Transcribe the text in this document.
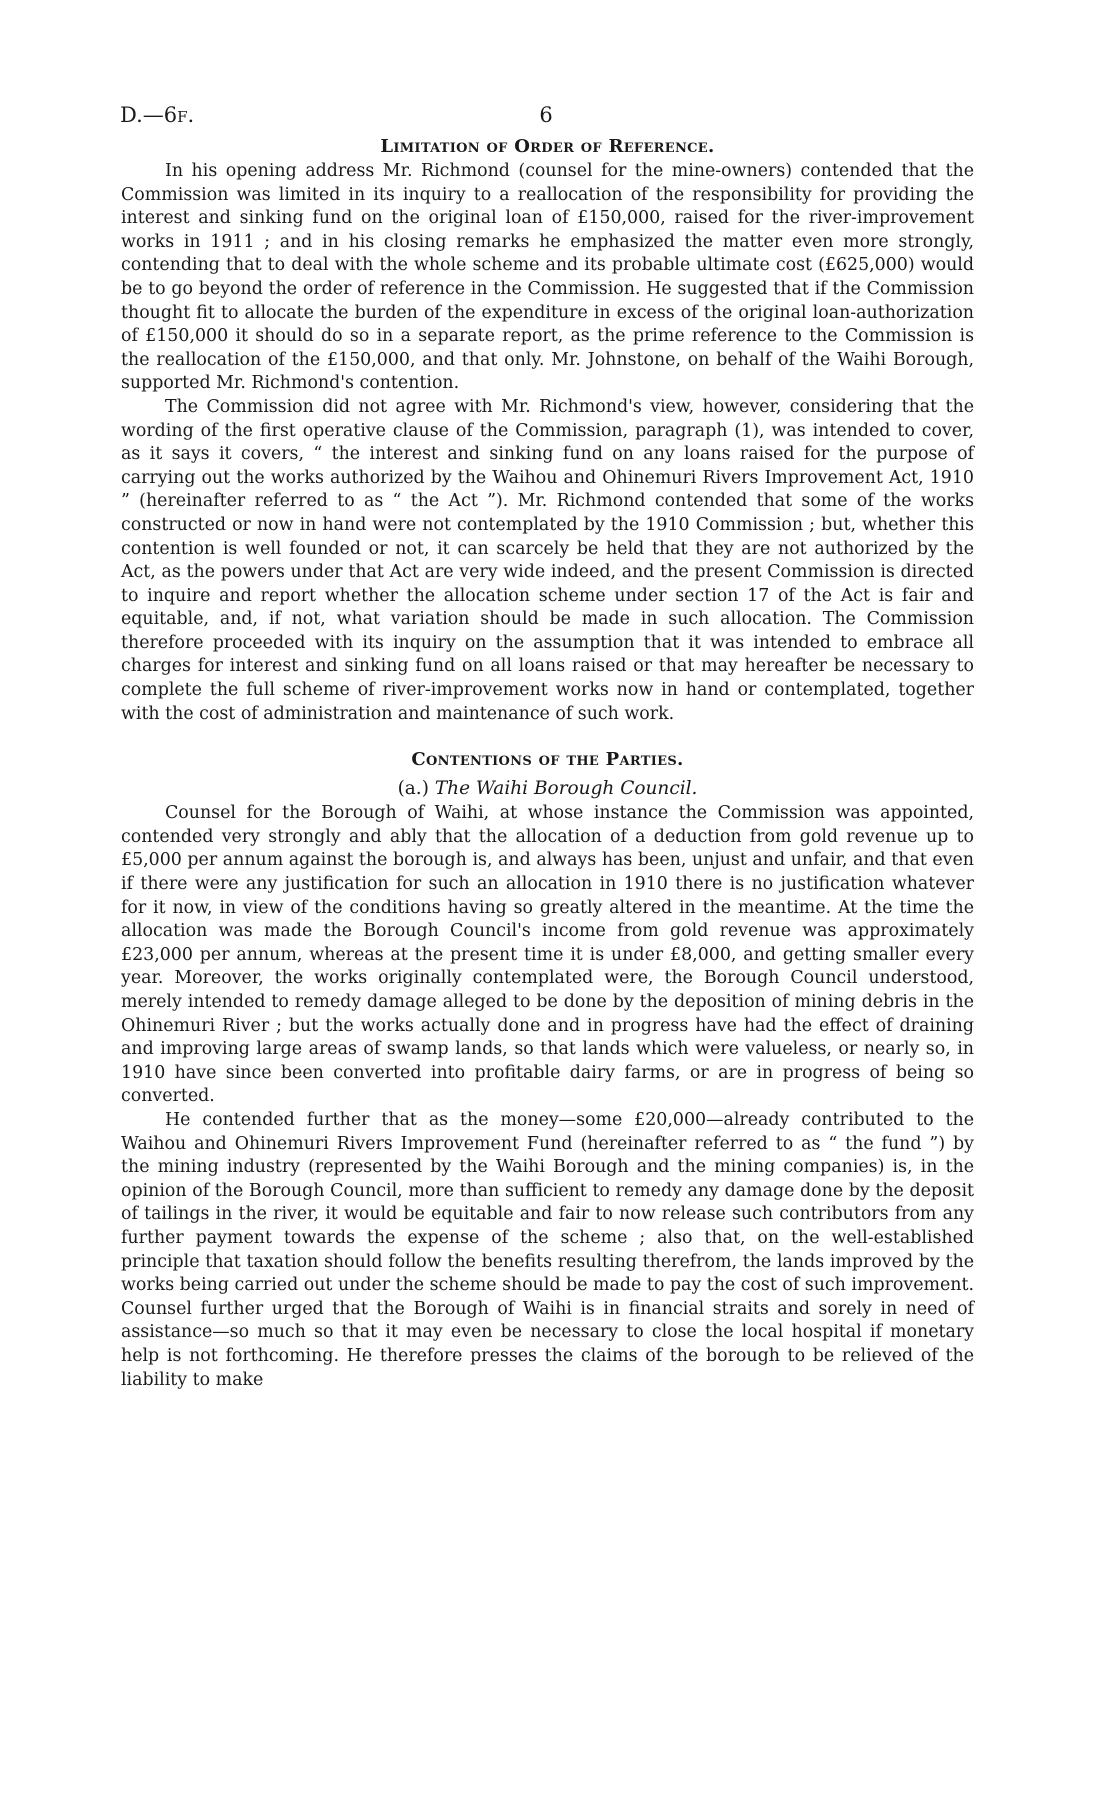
D.—6f.	6
Limitation of Order of Reference.

In his opening address Mr. Richmond (counsel for the mine-owners) contended that the Commission was limited in its inquiry to a reallocation of the responsibility for providing the interest and sinking fund on the original loan of £150,000, raised for the river-improvement works in 1911 ; and in his closing remarks he emphasized the matter even more strongly, contending that to deal with the whole scheme and its probable ultimate cost (£625,000) would be to go beyond the order of reference in the Commission. He suggested that if the Commission thought fit to allocate the burden of the expenditure in excess of the original loan-authorization of £150,000 it should do so in a separate report, as the prime reference to the Commission is the reallocation of the £150,000, and that only. Mr. Johnstone, on behalf of the Waihi Borough, supported Mr. Richmond's contention.

The Commission did not agree with Mr. Richmond's view, however, considering that the wording of the first operative clause of the Commission, paragraph (1), was intended to cover, as it says it covers, “ the interest and sinking fund on any loans raised for the purpose of carrying out the works authorized by the Waihou and Ohinemuri Rivers Improvement Act, 1910 ” (hereinafter referred to as “ the Act ”). Mr. Richmond contended that some of the works constructed or now in hand were not contemplated by the 1910 Commission ; but, whether this contention is well founded or not, it can scarcely be held that they are not authorized by the Act, as the powers under that Act are very wide indeed, and the present Commission is directed to inquire and report whether the allocation scheme under section 17 of the Act is fair and equitable, and, if not, what variation should be made in such allocation. The Commission therefore proceeded with its inquiry on the assumption that it was intended to embrace all charges for interest and sinking fund on all loans raised or that may hereafter be necessary to complete the full scheme of river-improvement works now in hand or contemplated, together with the cost of administration and maintenance of such work.

Contentions of the Parties.
(a.) The Waihi Borough Council.

Counsel for the Borough of Waihi, at whose instance the Commission was appointed, contended very strongly and ably that the allocation of a deduction from gold revenue up to £5,000 per annum against the borough is, and always has been, unjust and unfair, and that even if there were any justification for such an allocation in 1910 there is no justification whatever for it now, in view of the conditions having so greatly altered in the meantime. At the time the allocation was made the Borough Council's income from gold revenue was approximately £23,000 per annum, whereas at the present time it is under £8,000, and getting smaller every year. Moreover, the works originally contemplated were, the Borough Council understood, merely intended to remedy damage alleged to be done by the deposition of mining debris in the Ohinemuri River ; but the works actually done and in progress have had the effect of draining and improving large areas of swamp lands, so that lands which were valueless, or nearly so, in 1910 have since been converted into profitable dairy farms, or are in progress of being so converted.

He contended further that as the money—some £20,000—already contributed to the Waihou and Ohinemuri Rivers Improvement Fund (hereinafter referred to as “ the fund ”) by the mining industry (represented by the Waihi Borough and the mining companies) is, in the opinion of the Borough Council, more than sufficient to remedy any damage done by the deposit of tailings in the river, it would be equitable and fair to now release such contributors from any further payment towards the expense of the scheme ; also that, on the well-established principle that taxation should follow the benefits resulting therefrom, the lands improved by the works being carried out under the scheme should be made to pay the cost of such improvement. Counsel further urged that the Borough of Waihi is in financial straits and sorely in need of assistance—so much so that it may even be necessary to close the local hospital if monetary help is not forthcoming. He therefore presses the claims of the borough to be relieved of the liability to make
